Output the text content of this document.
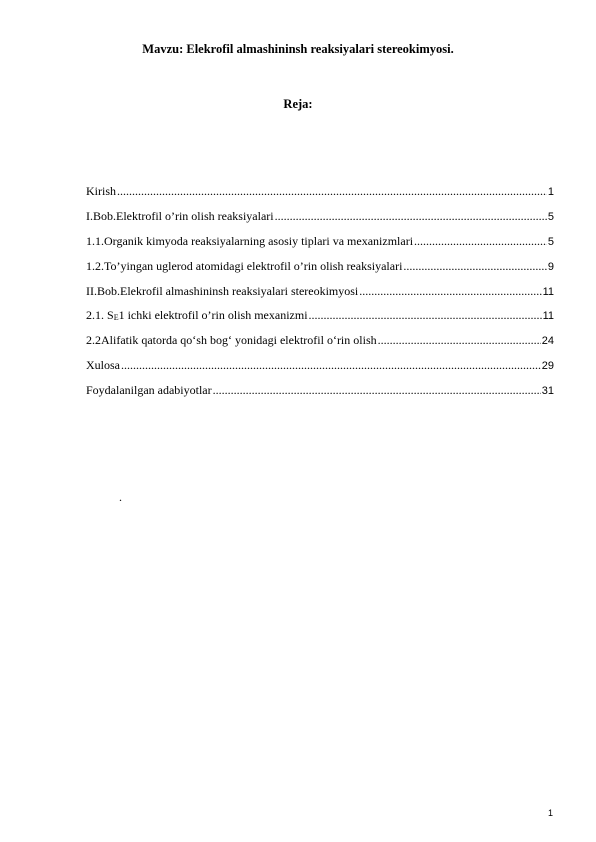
Mavzu: Elekrofil almashininsh reaksiyalari stereokimyosi.
Reja:
Kirish .....	1
I.Bob.Elektrofil o’rin olish reaksiyalari .....	5
1.1.Organik kimyoda reaksiyalarning asosiy tiplari va mexanizmlari .....	5
1.2.To’yingan uglerod atomidagi elektrofil o’rin olish reaksiyalari .....	9
II.Bob.Elekrofil almashininsh reaksiyalari stereokimyosi .....	11
2.1. SE1 ichki elektrofil o’rin olish mexanizmi .....	11
2.2Alifatik qatorda qo‘sh bog‘ yonidagi elektrofil o‘rin olish .....	24
Xulosa .....	29
Foydalanilgan adabiyotlar .....	31
.
1
